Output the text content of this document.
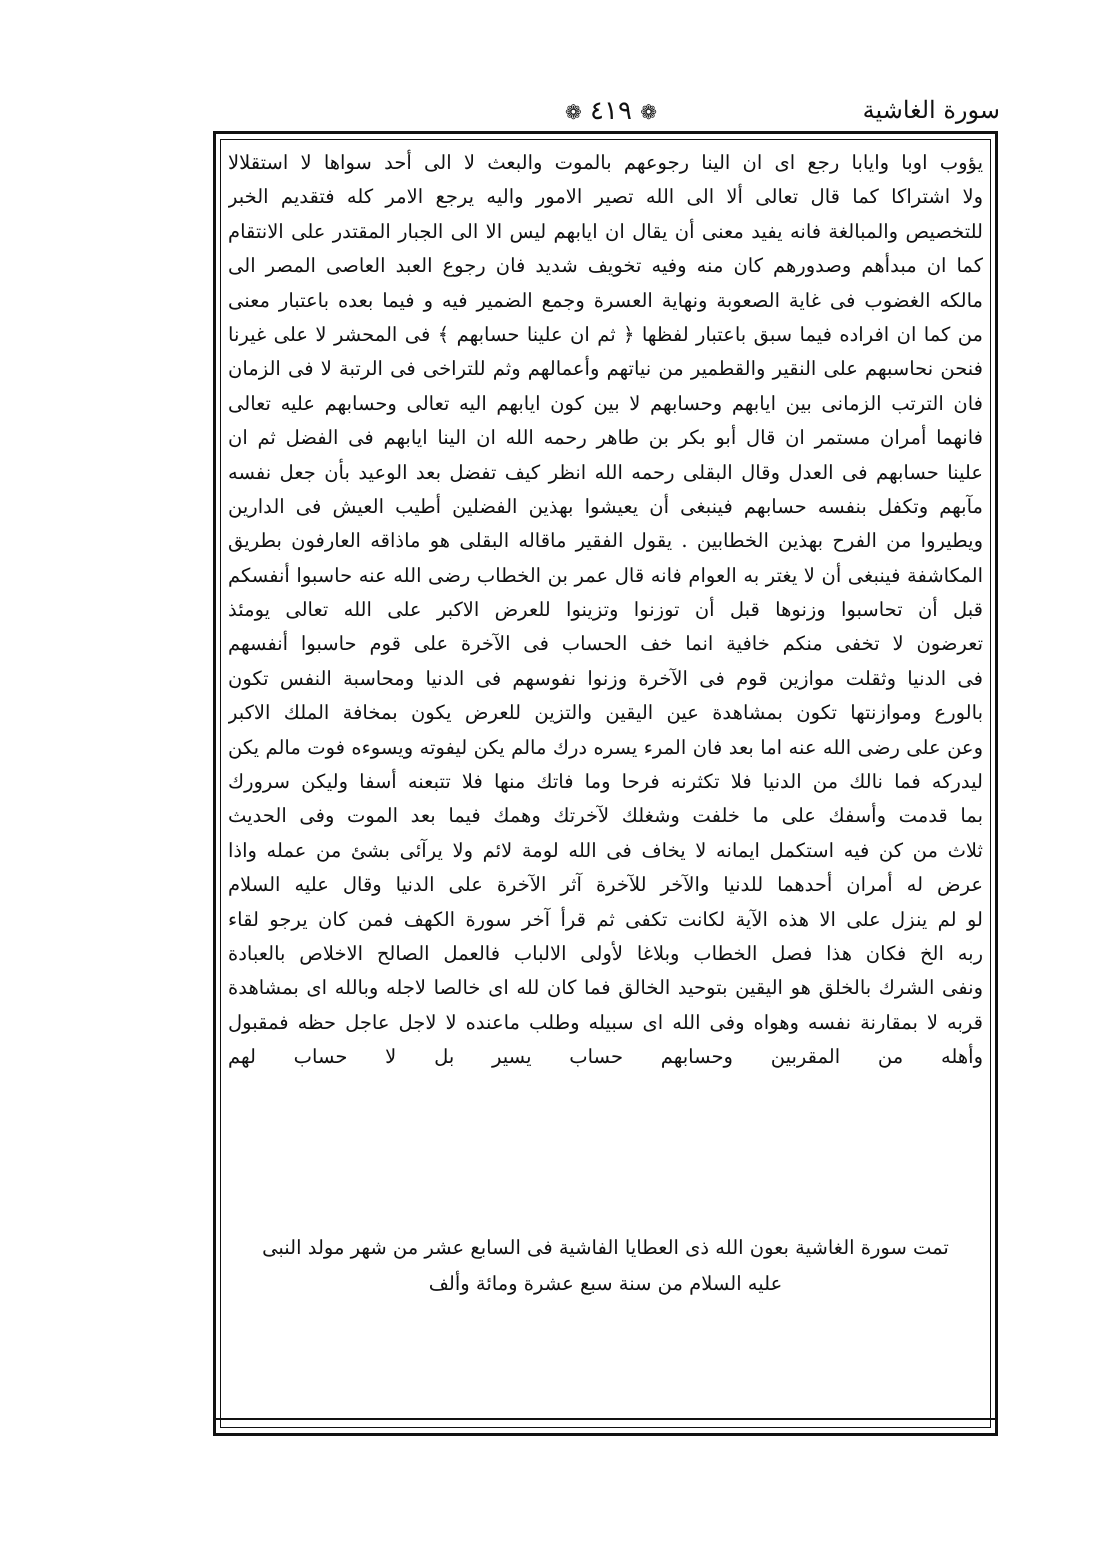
سورة الغاشية
❁ ٤١٩ ❁
يؤوب اوبا وايابا رجع اى ان الينا رجوعهم بالموت والبعث لا الى أحد سواها لا استقلالا
ولا اشتراكا كما قال تعالى ألا الى الله تصير الامور واليه يرجع الامر كله فتقديم الخبر
للتخصيص والمبالغة فانه يفيد معنى أن يقال ان ايابهم ليس الا الى الجبار المقتدر على الانتقام
كما ان مبدأهم وصدورهم كان منه وفيه تخويف شديد فان رجوع العبد العاصى المصر الى
مالكه الغضوب فى غاية الصعوبة ونهاية العسرة وجمع الضمير فيه و فيما بعده باعتبار معنى
من كما ان افراده فيما سبق باعتبار لفظها ﴿ ثم ان علينا حسابهم ﴾ فى المحشر لا على غيرنا
فنحن نحاسبهم على النقير والقطمير من نياتهم وأعمالهم وثم للتراخى فى الرتبة لا فى الزمان
فان الترتب الزمانى بين ايابهم وحسابهم لا بين كون ايابهم اليه تعالى وحسابهم عليه تعالى
فانهما أمران مستمر ان قال أبو بكر بن طاهر رحمه الله ان الينا ايابهم فى الفضل ثم ان
علينا حسابهم فى العدل وقال البقلى رحمه الله انظر كيف تفضل بعد الوعيد بأن جعل نفسه
مآبهم وتكفل بنفسه حسابهم فينبغى أن يعيشوا بهذين الفضلين أطيب العيش فى الدارين
ويطيروا من الفرح بهذين الخطابين . يقول الفقير ماقاله البقلى هو ماذاقه العارفون بطريق
المكاشفة فينبغى أن لا يغتر به العوام فانه قال عمر بن الخطاب رضى الله عنه حاسبوا أنفسكم
قبل أن تحاسبوا وزنوها قبل أن توزنوا وتزينوا للعرض الاكبر على الله تعالى يومئذ
تعرضون لا تخفى منكم خافية انما خف الحساب فى الآخرة على قوم حاسبوا أنفسهم
فى الدنيا وثقلت موازين قوم فى الآخرة وزنوا نفوسهم فى الدنيا ومحاسبة النفس تكون
بالورع وموازنتها تكون بمشاهدة عين اليقين والتزين للعرض يكون بمخافة الملك الاكبر
وعن على رضى الله عنه اما بعد فان المرء يسره درك مالم يكن ليفوته ويسوءه فوت مالم يكن
ليدركه فما نالك من الدنيا فلا تكثرنه فرحا وما فاتك منها فلا تتبعنه أسفا وليكن سرورك
بما قدمت وأسفك على ما خلفت وشغلك لآخرتك وهمك فيما بعد الموت وفى الحديث
ثلاث من كن فيه استكمل ايمانه لا يخاف فى الله لومة لائم ولا يرآئى بشئ من عمله واذا
عرض له أمران أحدهما للدنيا والآخر للآخرة آثر الآخرة على الدنيا وقال عليه السلام
لو لم ينزل على الا هذه الآية لكانت تكفى ثم قرأ آخر سورة الكهف فمن كان يرجو لقاء
ربه الخ فكان هذا فصل الخطاب وبلاغا لأولى الالباب فالعمل الصالح الاخلاص بالعبادة
ونفى الشرك بالخلق هو اليقين بتوحيد الخالق فما كان لله اى خالصا لاجله وبالله اى بمشاهدة
قربه لا بمقارنة نفسه وهواه وفى الله اى سبيله وطلب ماعنده لا لاجل عاجل حظه فمقبول
وأهله من المقربين وحسابهم حساب يسير بل لا حساب لهم
تمت سورة الغاشية بعون الله ذى العطايا الفاشية فى السابع عشر من شهر مولد النبى
عليه السلام من سنة سبع عشرة ومائة وألف
